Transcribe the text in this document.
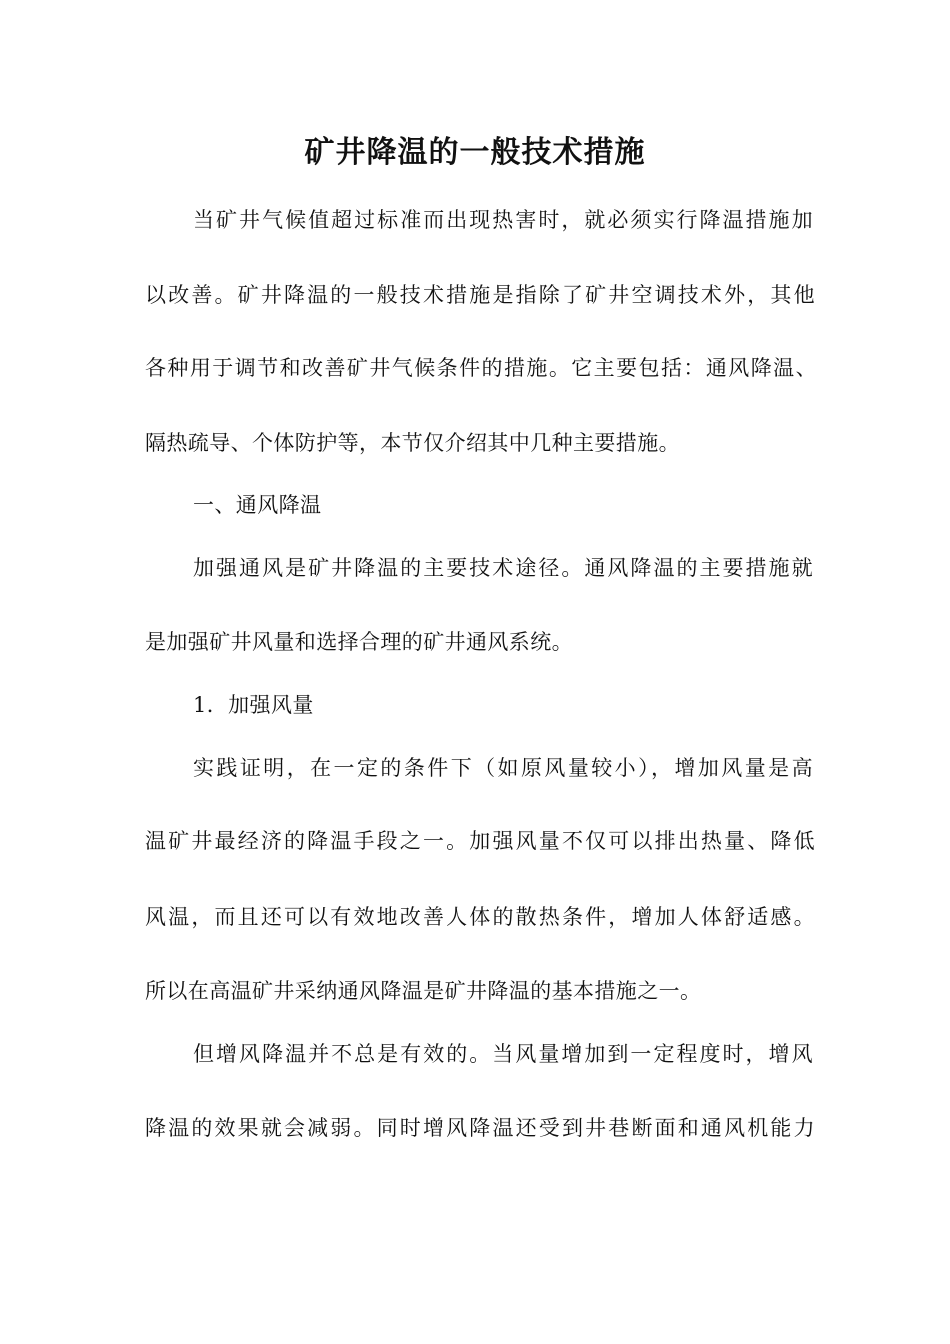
矿井降温的一般技术措施
当矿井气候值超过标准而出现热害时，就必须实行降温措施加
以改善。矿井降温的一般技术措施是指除了矿井空调技术外，其他
各种用于调节和改善矿井气候条件的措施。它主要包括：通风降温、
隔热疏导、个体防护等，本节仅介绍其中几种主要措施。
一、通风降温
加强通风是矿井降温的主要技术途径。通风降温的主要措施就
是加强矿井风量和选择合理的矿井通风系统。
1．加强风量
实践证明，在一定的条件下（如原风量较小），增加风量是高
温矿井最经济的降温手段之一。加强风量不仅可以排出热量、降低
风温，而且还可以有效地改善人体的散热条件，增加人体舒适感。
所以在高温矿井采纳通风降温是矿井降温的基本措施之一。
但增风降温并不总是有效的。当风量增加到一定程度时，增风
降温的效果就会减弱。同时增风降温还受到井巷断面和通风机能力
